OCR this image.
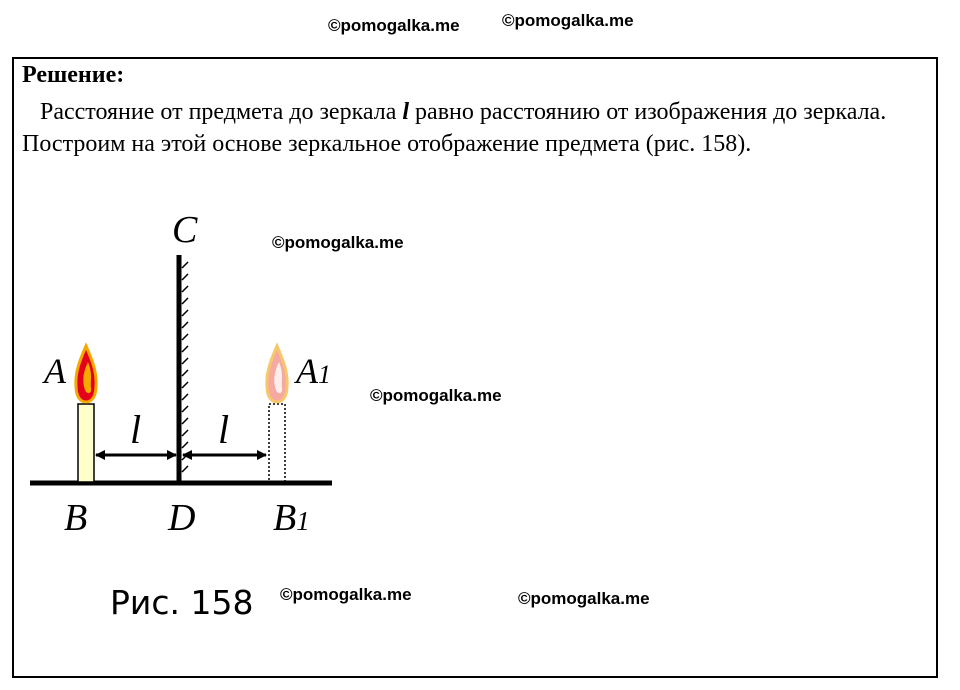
©pomogalka.me ©pomogalka.me
©pomogalka.me
©pomogalka.me
©pomogalka.me	©pomogalka.me
Решение:
Расстояние от предмета до зеркала l равно расстоянию от изображения до зеркала. Построим на этой основе зеркальное отображение предмета (рис. 158).
C
A	A1
l l
B D B1
Рис. 158
